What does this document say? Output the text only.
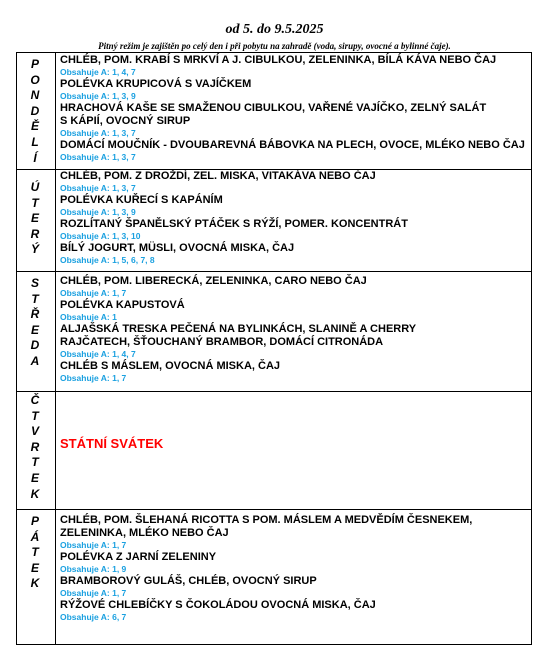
od 5. do 9.5.2025
Pitný režim je zajištěn po celý den i při pobytu na zahradě (voda, sirupy, ovocné a bylinné čaje).
P
O
N
D
Ě
L
Í
CHLÉB, POM. KRABÍ S MRKVÍ A J. CIBULKOU, ZELENINKA, BÍLÁ KÁVA NEBO ČAJ
Obsahuje A: 1, 4, 7
POLÉVKA KRUPICOVÁ S VAJÍČKEM
Obsahuje A: 1, 3, 9
HRACHOVÁ KAŠE SE SMAŽENOU CIBULKOU, VAŘENÉ VAJÍČKO, ZELNÝ SALÁT
S KÁPIÍ, OVOCNÝ SIRUP
Obsahuje A: 1, 3, 7
DOMÁCÍ MOUČNÍK - DVOUBAREVNÁ BÁBOVKA NA PLECH, OVOCE, MLÉKO NEBO ČAJ
Obsahuje A: 1, 3, 7
Ú
T
E
R
Ý
CHLÉB, POM. Z DROŽDÍ, ZEL. MISKA, VITAKÁVA NEBO ČAJ
Obsahuje A: 1, 3, 7
POLÉVKA KUŘECÍ S KAPÁNÍM
Obsahuje A: 1, 3, 9
ROZLÍTANÝ ŠPANĚLSKÝ PTÁČEK S RÝŽÍ, POMER. KONCENTRÁT
Obsahuje A: 1, 3, 10
BÍLÝ JOGURT, MÜSLI, OVOCNÁ MISKA, ČAJ
Obsahuje A: 1, 5, 6, 7, 8
S
T
Ř
E
D
A
CHLÉB, POM. LIBERECKÁ, ZELENINKA, CARO NEBO ČAJ
Obsahuje A: 1, 7
POLÉVKA KAPUSTOVÁ
Obsahuje A: 1
ALJAŠSKÁ TRESKA PEČENÁ NA BYLINKÁCH, SLANINĚ A CHERRY
RAJČATECH, ŠŤOUCHANÝ BRAMBOR, DOMÁCÍ CITRONÁDA
Obsahuje A: 1, 4, 7
CHLÉB S MÁSLEM, OVOCNÁ MISKA, ČAJ
Obsahuje A: 1, 7
Č
T
V
R
T
E
K
STÁTNÍ SVÁTEK
P
Á
T
E
K
CHLÉB, POM. ŠLEHANÁ RICOTTA S POM. MÁSLEM A MEDVĚDÍM ČESNEKEM,
ZELENINKA, MLÉKO NEBO ČAJ
Obsahuje A: 1, 7
POLÉVKA Z JARNÍ ZELENINY
Obsahuje A: 1, 9
BRAMBOROVÝ GULÁŠ, CHLÉB, OVOCNÝ SIRUP
Obsahuje A: 1, 7
RÝŽOVÉ CHLEBÍČKY S ČOKOLÁDOU OVOCNÁ MISKA, ČAJ
Obsahuje A: 6, 7
